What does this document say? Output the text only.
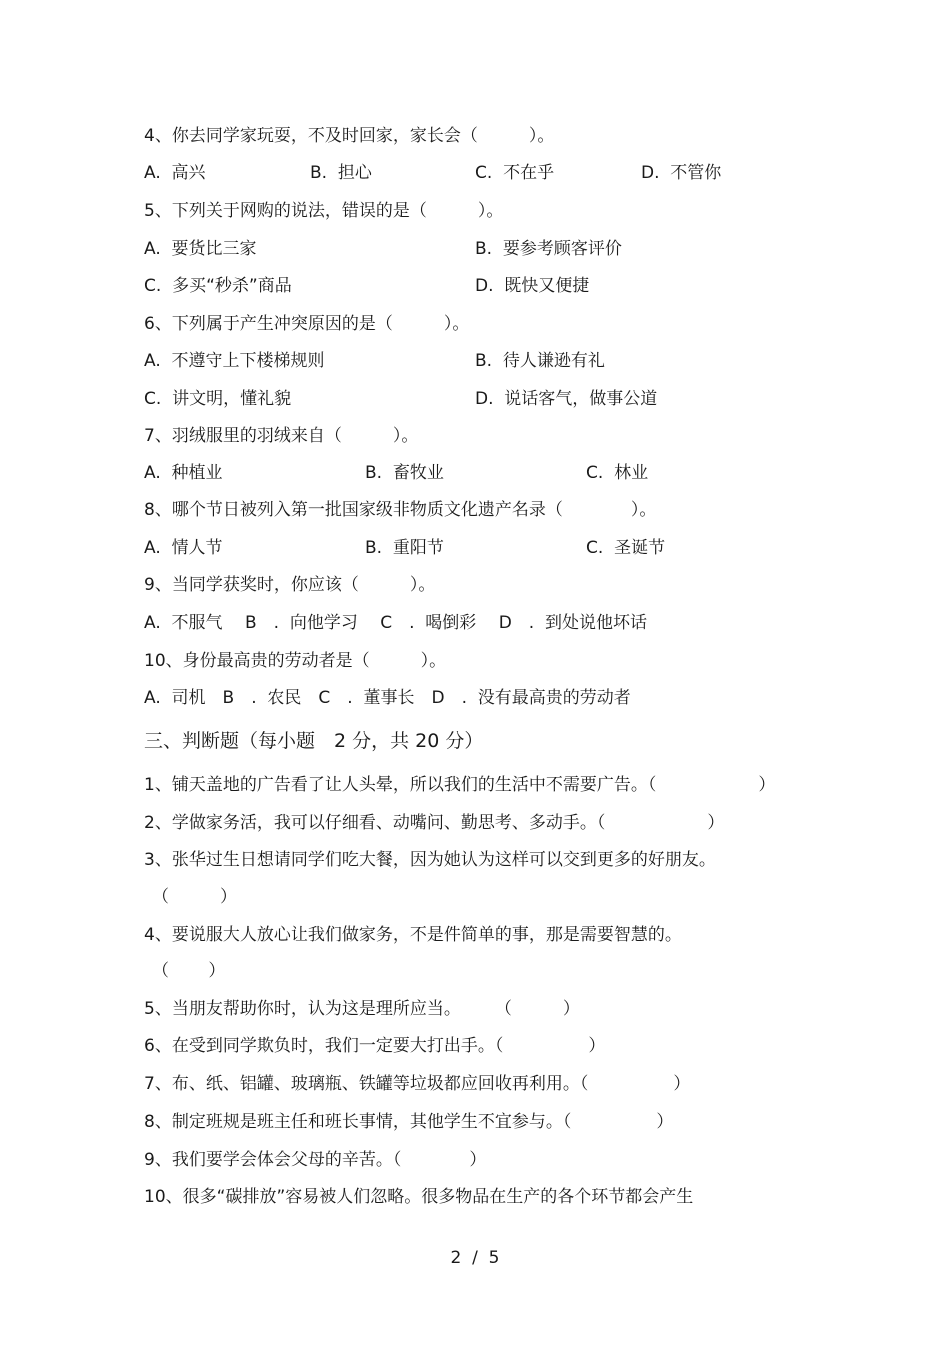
4、你去同学家玩耍，不及时回家，家长会（　　　）。
A.  高兴	B.  担心	C.  不在乎	D.  不管你
5、下列关于网购的说法，错误的是（　　　）。
A.  要货比三家	B.  要参考顾客评价
C.  多买“秒杀”商品	D.  既快又便捷
6、下列属于产生冲突原因的是（　　　）。
A.  不遵守上下楼梯规则	B.  待人谦逊有礼
C.  讲文明，懂礼貌	D.  说话客气，做事公道
7、羽绒服里的羽绒来自（　　　）。
A.  种植业	B.  畜牧业	C.  林业
8、哪个节日被列入第一批国家级非物质文化遗产名录（　　　　）。
A.  情人节	B.  重阳节	C.  圣诞节
9、当同学获奖时，你应该（　　　）。
A.  不服气　 B　.  向他学习　 C　.  喝倒彩　 D　.  到处说他坏话
10、身份最高贵的劳动者是（　　　）。
A.  司机　B　.  农民　C　.  董事长　D　.  没有最高贵的劳动者
三、判断题（每小题　2 分，共 20 分）
1、铺天盖地的广告看了让人头晕，所以我们的生活中不需要广告。（　　　　　　）
2、学做家务活，我可以仔细看、动嘴问、勤思考、多动手。（　　　　　　）
3、张华过生日想请同学们吃大餐，因为她认为这样可以交到更多的好朋友。
（　　　）
4、要说服大人放心让我们做家务，不是件简单的事，那是需要智慧的。
（　　 ）
5、当朋友帮助你时，认为这是理所应当。　　　（　　　）
6、在受到同学欺负时，我们一定要大打出手。（　　　　　）
7、布、纸、铝罐、玻璃瓶、铁罐等垃圾都应回收再利用。（　　　　　）
8、制定班规是班主任和班长事情，其他学生不宜参与。（　　　　　）
9、我们要学会体会父母的辛苦。（　　　　）
10、很多“碳排放”容易被人们忽略。很多物品在生产的各个环节都会产生
2  /  5
